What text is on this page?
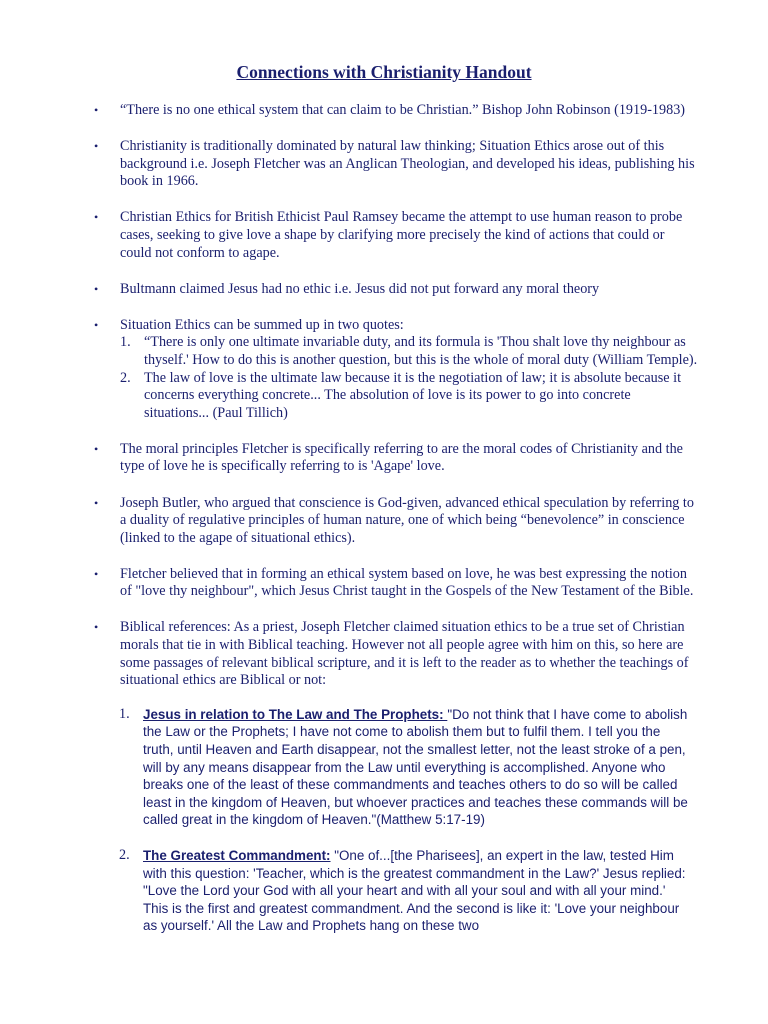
Connections with Christianity Handout
• “There is no one ethical system that can claim to be Christian.” Bishop John Robinson (1919-1983)
• Christianity is traditionally dominated by natural law thinking; Situation Ethics arose out of this background i.e. Joseph Fletcher was an Anglican Theologian, and developed his ideas, publishing his book in 1966.
• Christian Ethics for British Ethicist Paul Ramsey became the attempt to use human reason to probe cases, seeking to give love a shape by clarifying more precisely the kind of actions that could or could not conform to agape.
• Bultmann claimed Jesus had no ethic i.e. Jesus did not put forward any moral theory
• Situation Ethics can be summed up in two quotes:
1. “There is only one ultimate invariable duty, and its formula is 'Thou shalt love thy neighbour as thyself.' How to do this is another question, but this is the whole of moral duty (William Temple).
2. The law of love is the ultimate law because it is the negotiation of law; it is absolute because it concerns everything concrete... The absolution of love is its power to go into concrete situations... (Paul Tillich)
• The moral principles Fletcher is specifically referring to are the moral codes of Christianity and the type of love he is specifically referring to is 'Agape' love.
• Joseph Butler, who argued that conscience is God-given, advanced ethical speculation by referring to a duality of regulative principles of human nature, one of which being “benevolence” in conscience (linked to the agape of situational ethics).
• Fletcher believed that in forming an ethical system based on love, he was best expressing the notion of "love thy neighbour", which Jesus Christ taught in the Gospels of the New Testament of the Bible.
• Biblical references: As a priest, Joseph Fletcher claimed situation ethics to be a true set of Christian morals that tie in with Biblical teaching. However not all people agree with him on this, so here are some passages of relevant biblical scripture, and it is left to the reader as to whether the teachings of situational ethics are Biblical or not:
1. Jesus in relation to The Law and The Prophets: "Do not think that I have come to abolish the Law or the Prophets; I have not come to abolish them but to fulfil them. I tell you the truth, until Heaven and Earth disappear, not the smallest letter, not the least stroke of a pen, will by any means disappear from the Law until everything is accomplished. Anyone who breaks one of the least of these commandments and teaches others to do so will be called least in the kingdom of Heaven, but whoever practices and teaches these commands will be called great in the kingdom of Heaven."(Matthew 5:17-19)
2. The Greatest Commandment: "One of...[the Pharisees], an expert in the law, tested Him with this question: 'Teacher, which is the greatest commandment in the Law?' Jesus replied: "Love the Lord your God with all your heart and with all your soul and with all your mind.' This is the first and greatest commandment. And the second is like it: 'Love your neighbour as yourself.' All the Law and Prophets hang on these two
